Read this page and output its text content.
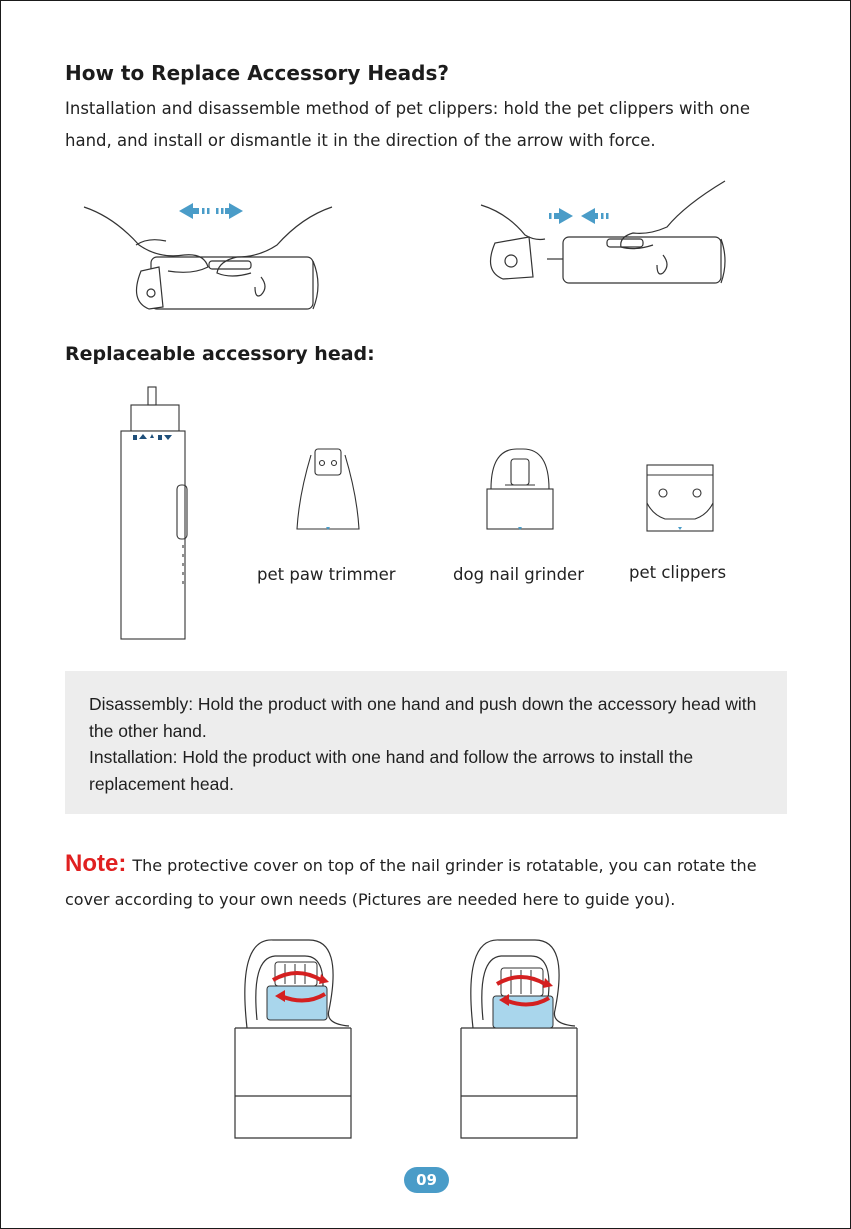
How to Replace Accessory Heads?

Installation and disassemble method of pet clippers: hold the pet clippers with one hand, and install or dismantle it in the direction of the arrow with force.

Replaceable accessory head:
pet paw trimmer	dog nail grinder	pet clippers

Disassembly: Hold the product with one hand and push down the accessory head with the other hand.

Installation: Hold the product with one hand and follow the arrows to install the replacement head.

Note: The protective cover on top of the nail grinder is rotatable, you can rotate the cover according to your own needs (Pictures are needed here to guide you).

09
